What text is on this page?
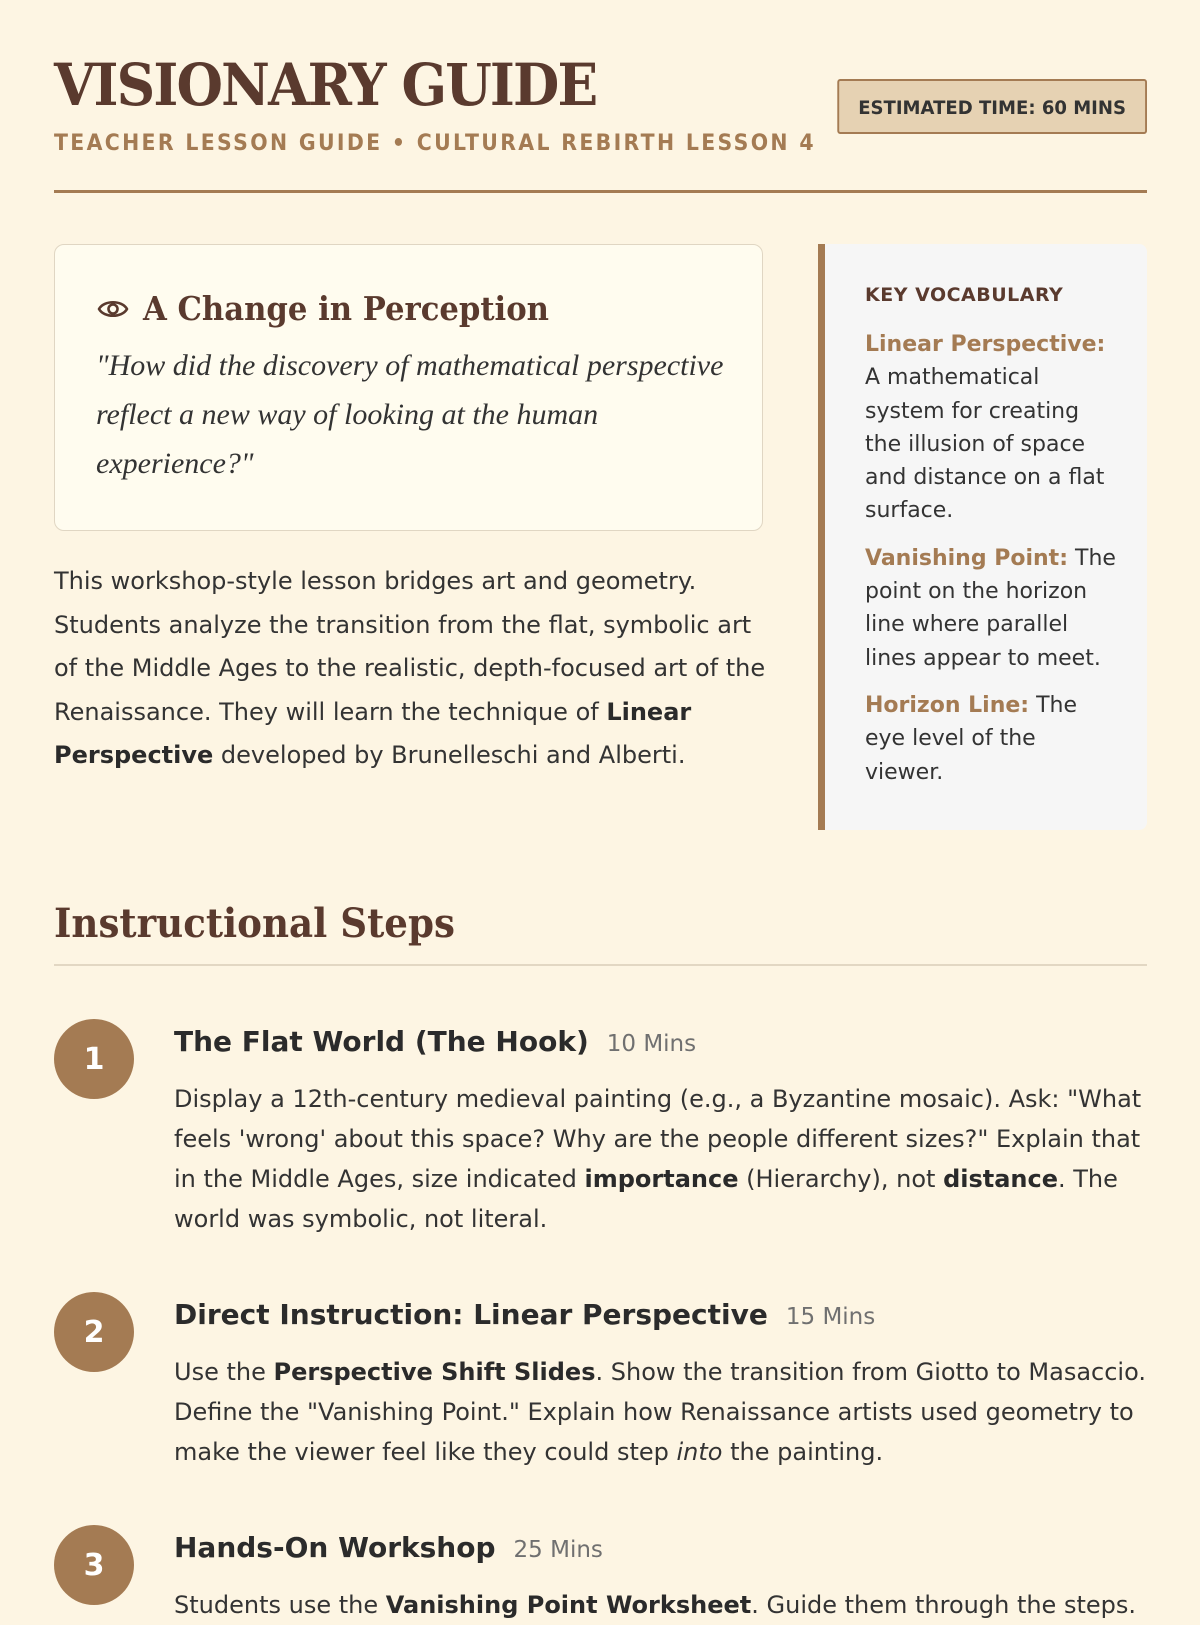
VISIONARY GUIDE
TEACHER LESSON GUIDE • CULTURAL REBIRTH LESSON 4
ESTIMATED TIME: 60 MINS
A Change in Perception
"How did the discovery of mathematical perspective reflect a new way of looking at the human experience?"
This workshop-style lesson bridges art and geometry. Students analyze the transition from the flat, symbolic art of the Middle Ages to the realistic, depth-focused art of the Renaissance. They will learn the technique of Linear Perspective developed by Brunelleschi and Alberti.
KEY VOCABULARY
Linear Perspective: A mathematical system for creating the illusion of space and distance on a flat surface.
Vanishing Point: The point on the horizon line where parallel lines appear to meet.
Horizon Line: The eye level of the viewer.
Instructional Steps
1	The Flat World (The Hook) 10 Mins
Display a 12th-century medieval painting (e.g., a Byzantine mosaic). Ask: "What feels 'wrong' about this space? Why are the people different sizes?" Explain that in the Middle Ages, size indicated importance (Hierarchy), not distance. The world was symbolic, not literal.
2	Direct Instruction: Linear Perspective 15 Mins
Use the Perspective Shift Slides. Show the transition from Giotto to Masaccio. Define the "Vanishing Point." Explain how Renaissance artists used geometry to make the viewer feel like they could step into the painting.
3	Hands-On Workshop 25 Mins
Students use the Vanishing Point Worksheet. Guide them through the steps.
